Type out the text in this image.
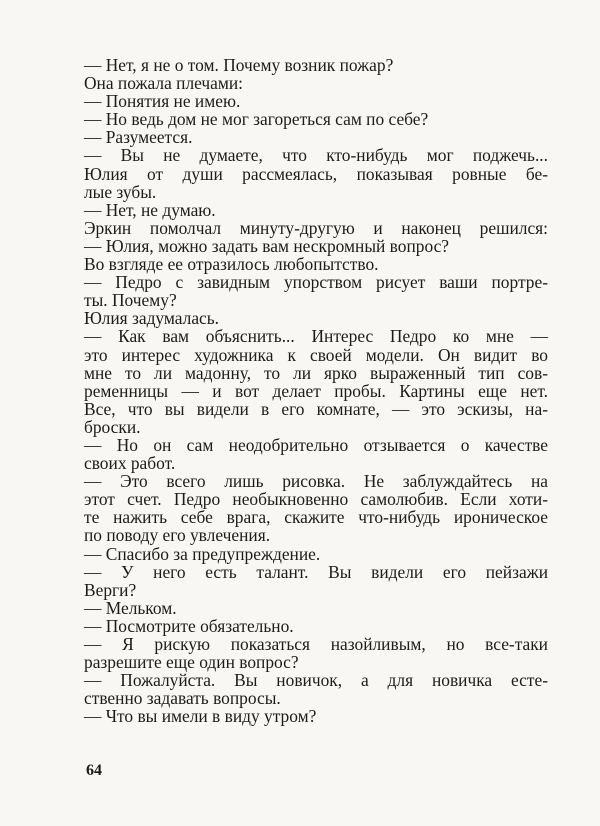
— Нет, я не о том. Почему возник пожар?
Она пожала плечами:
— Понятия не имею.
— Но ведь дом не мог загореться сам по себе?
— Разумеется.
— Вы не думаете, что кто-нибудь мог поджечь...
Юлия от души рассмеялась, показывая ровные бе-
лые зубы.
— Нет, не думаю.
Эркин помолчал минуту-другую и наконец решился:
— Юлия, можно задать вам нескромный вопрос?
Во взгляде ее отразилось любопытство.
— Педро с завидным упорством рисует ваши портре-
ты. Почему?
Юлия задумалась.
— Как вам объяснить... Интерес Педро ко мне —
это интерес художника к своей модели. Он видит во
мне то ли мадонну, то ли ярко выраженный тип сов-
ременницы — и вот делает пробы. Картины еще нет.
Все, что вы видели в его комнате, — это эскизы, на-
броски.
— Но он сам неодобрительно отзывается о качестве
своих работ.
— Это всего лишь рисовка. Не заблуждайтесь на
этот счет. Педро необыкновенно самолюбив. Если хоти-
те нажить себе врага, скажите что-нибудь ироническое
по поводу его увлечения.
— Спасибо за предупреждение.
— У него есть талант. Вы видели его пейзажи
Верги?
— Мельком.
— Посмотрите обязательно.
— Я рискую показаться назойливым, но все-таки
разрешите еще один вопрос?
— Пожалуйста. Вы новичок, а для новичка есте-
ственно задавать вопросы.
— Что вы имели в виду утром?
64
